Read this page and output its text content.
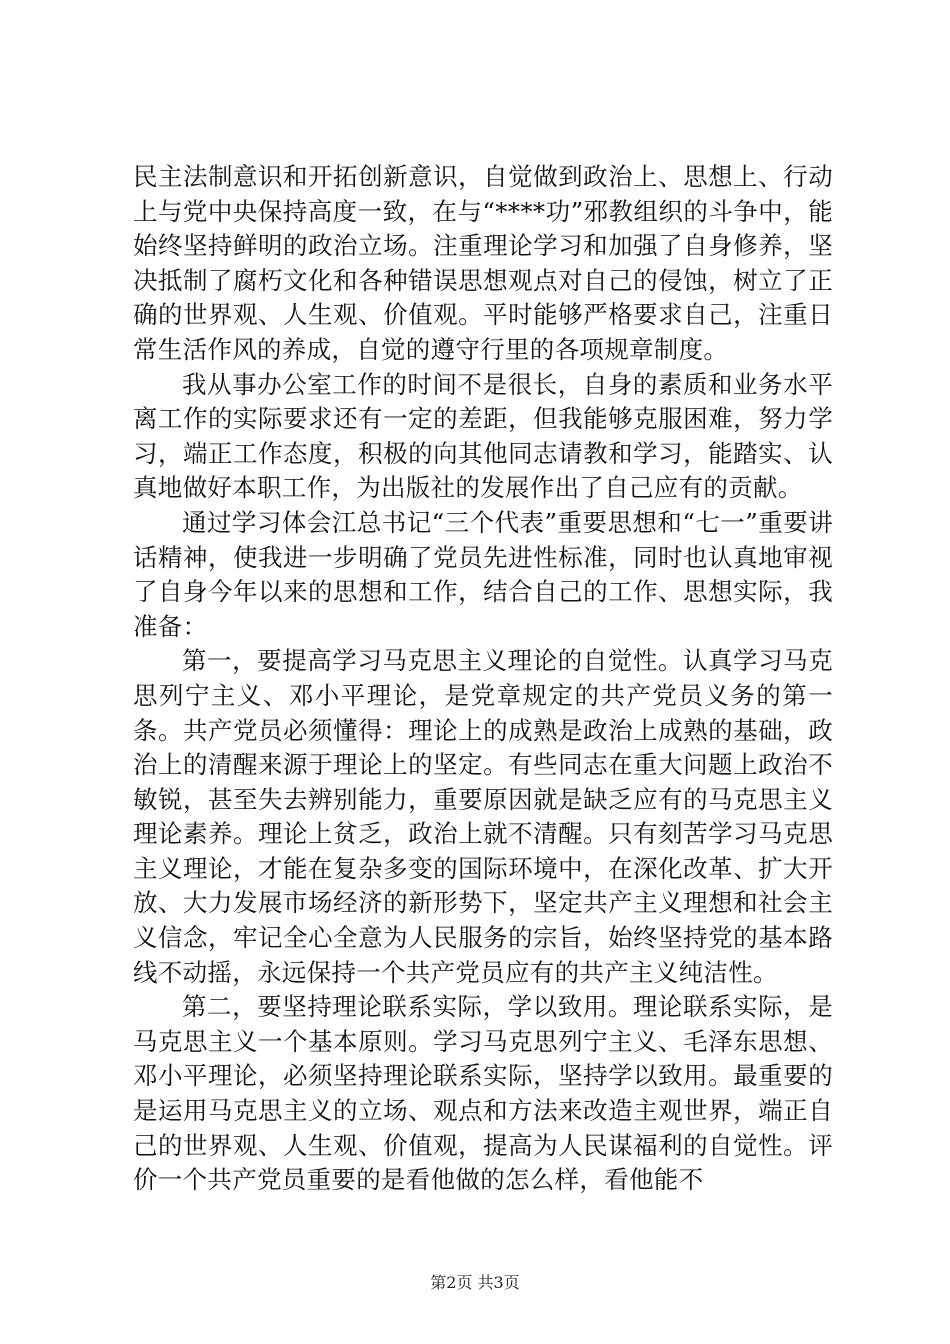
民主法制意识和开拓创新意识，自觉做到政治上、思想上、行动上与党中央保持高度一致，在与“****功”邪教组织的斗争中，能始终坚持鲜明的政治立场。注重理论学习和加强了自身修养，坚决抵制了腐朽文化和各种错误思想观点对自己的侵蚀，树立了正确的世界观、人生观、价值观。平时能够严格要求自己，注重日常生活作风的养成，自觉的遵守行里的各项规章制度。

我从事办公室工作的时间不是很长，自身的素质和业务水平离工作的实际要求还有一定的差距，但我能够克服困难，努力学习，端正工作态度，积极的向其他同志请教和学习，能踏实、认真地做好本职工作，为出版社的发展作出了自己应有的贡献。

通过学习体会江总书记“三个代表”重要思想和“七一”重要讲话精神，使我进一步明确了党员先进性标准，同时也认真地审视了自身今年以来的思想和工作，结合自己的工作、思想实际，我准备：

第一，要提高学习马克思主义理论的自觉性。认真学习马克思列宁主义、邓小平理论，是党章规定的共产党员义务的第一条。共产党员必须懂得：理论上的成熟是政治上成熟的基础，政治上的清醒来源于理论上的坚定。有些同志在重大问题上政治不敏锐，甚至失去辨别能力，重要原因就是缺乏应有的马克思主义理论素养。理论上贫乏，政治上就不清醒。只有刻苦学习马克思主义理论，才能在复杂多变的国际环境中，在深化改革、扩大开放、大力发展市场经济的新形势下，坚定共产主义理想和社会主义信念，牢记全心全意为人民服务的宗旨，始终坚持党的基本路线不动摇，永远保持一个共产党员应有的共产主义纯洁性。

第二，要坚持理论联系实际，学以致用。理论联系实际，是马克思主义一个基本原则。学习马克思列宁主义、毛泽东思想、邓小平理论，必须坚持理论联系实际，坚持学以致用。最重要的是运用马克思主义的立场、观点和方法来改造主观世界，端正自己的世界观、人生观、价值观，提高为人民谋福利的自觉性。评价一个共产党员重要的是看他做的怎么样，看他能不

第2页 共3页
